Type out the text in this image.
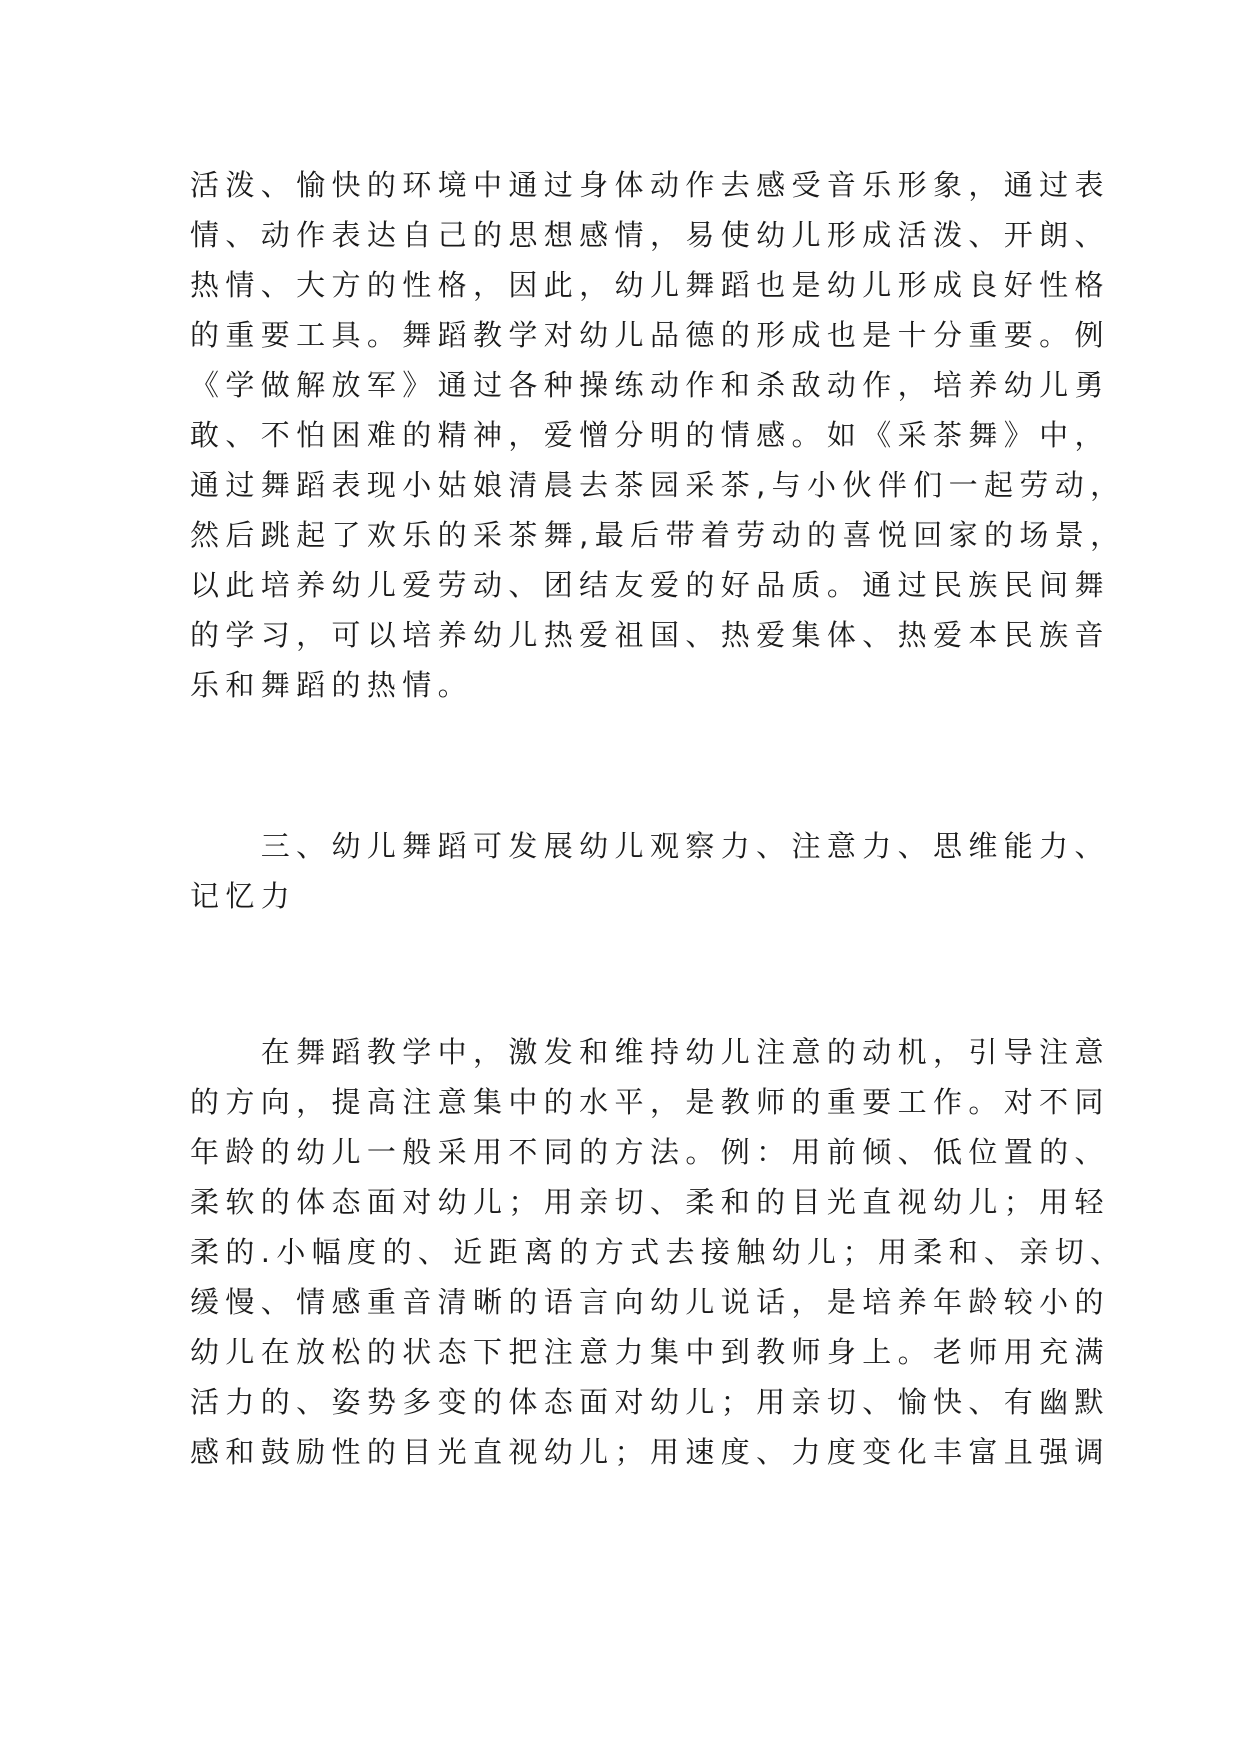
活泼、愉快的环境中通过身体动作去感受音乐形象，通过表
情、动作表达自己的思想感情，易使幼儿形成活泼、开朗、
热情、大方的性格，因此，幼儿舞蹈也是幼儿形成良好性格
的重要工具。舞蹈教学对幼儿品德的形成也是十分重要。例
《学做解放军》通过各种操练动作和杀敌动作，培养幼儿勇
敢、不怕困难的精神，爱憎分明的情感。如《采茶舞》中，
通过舞蹈表现小姑娘清晨去茶园采茶,与小伙伴们一起劳动，
然后跳起了欢乐的采茶舞,最后带着劳动的喜悦回家的场景，
以此培养幼儿爱劳动、团结友爱的好品质。通过民族民间舞
的学习，可以培养幼儿热爱祖国、热爱集体、热爱本民族音
乐和舞蹈的热情。
　　三、幼儿舞蹈可发展幼儿观察力、注意力、思维能力、
记忆力
　　在舞蹈教学中，激发和维持幼儿注意的动机，引导注意
的方向，提高注意集中的水平，是教师的重要工作。对不同
年龄的幼儿一般采用不同的方法。例：用前倾、低位置的、
柔软的体态面对幼儿；用亲切、柔和的目光直视幼儿；用轻
柔的.小幅度的、近距离的方式去接触幼儿；用柔和、亲切、
缓慢、情感重音清晰的语言向幼儿说话，是培养年龄较小的
幼儿在放松的状态下把注意力集中到教师身上。老师用充满
活力的、姿势多变的体态面对幼儿；用亲切、愉快、有幽默
感和鼓励性的目光直视幼儿；用速度、力度变化丰富且强调
